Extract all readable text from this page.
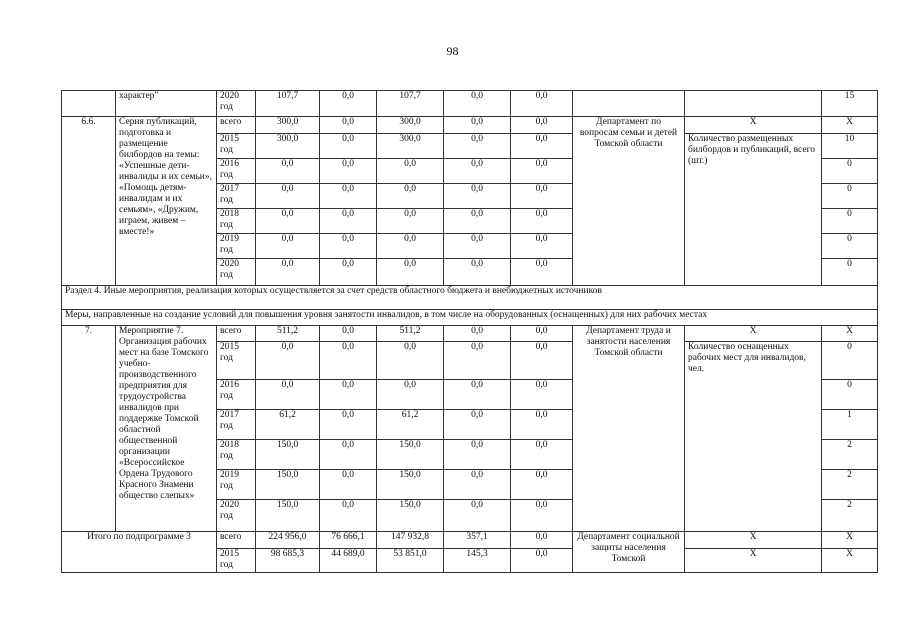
98
	характер"	2020 год	107,7	0,0	107,7	0,0	0,0			15
6.6.	Серия публикаций, подготовка и размещение билбордов на темы: «Успешные дети-инвалиды и их семьи», «Помощь детям-инвалидам и их семьям», «Дружим, играем, живем – вместе!»	всего	300,0	0,0	300,0	0,0	0,0	Департамент по вопросам семьи и детей Томской области	X	X
		2015 год	300,0	0,0	300,0	0,0	0,0		Количество размещенных билбордов и публикаций, всего (шт.)	10
		2016 год	0,0	0,0	0,0	0,0	0,0			0
		2017 год	0,0	0,0	0,0	0,0	0,0			0
		2018 год	0,0	0,0	0,0	0,0	0,0			0
		2019 год	0,0	0,0	0,0	0,0	0,0			0
		2020 год	0,0	0,0	0,0	0,0	0,0			0
Раздел 4. Иные мероприятия, реализация которых осуществляется за счет средств областного бюджета и внебюджетных источников										
Меры, направленные на создание условий для повышения уровня занятости инвалидов, в том числе на оборудованных (оснащенных) для них рабочих местах										
7.	Мероприятие 7. Организация рабочих мест на базе Томского учебно-производственного предприятия для трудоустройства инвалидов при поддержке Томской областной общественной организации «Всероссийское Ордена Трудового Красного Знамени общество слепых»	всего	511,2	0,0	511,2	0,0	0,0	Департамент труда и занятости населения Томской области	X	X
		2015 год	0,0	0,0	0,0	0,0	0,0		Количество оснащенных рабочих мест для инвалидов, чел.	0
		2016 год	0,0	0,0	0,0	0,0	0,0			0
		2017 год	61,2	0,0	61,2	0,0	0,0			1
		2018 год	150,0	0,0	150,0	0,0	0,0			2
		2019 год	150,0	0,0	150,0	0,0	0,0			2
		2020 год	150,0	0,0	150,0	0,0	0,0			2
Итого по подпрограмме 3		всего	224 956,0	76 666,1	147 932,8	357,1	0,0	Департамент социальной защиты населения Томской	X	X
		2015 год	98 685,3	44 689,0	53 851,0	145,3	0,0		X	X
